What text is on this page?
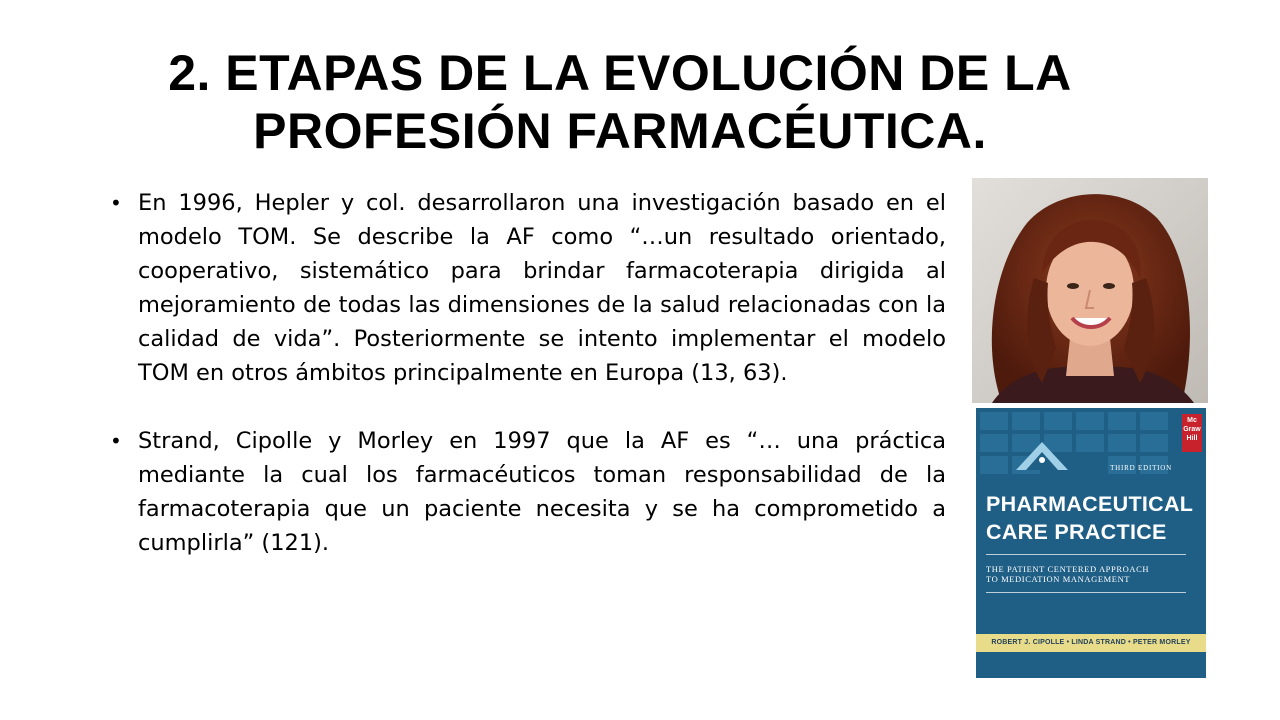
2. ETAPAS DE LA EVOLUCIÓN DE LA
PROFESIÓN FARMACÉUTICA.
• En 1996, Hepler y col. desarrollaron una investigación basado en el modelo TOM. Se describe la AF como “…un resultado orientado, cooperativo, sistemático para brindar farmacoterapia dirigida al mejoramiento de todas las dimensiones de la salud relacionadas con la calidad de vida”. Posteriormente se intento implementar el modelo TOM en otros ámbitos principalmente en Europa (13, 63).
• Strand, Cipolle y Morley en 1997 que la AF es “… una práctica mediante la cual los farmacéuticos toman responsabilidad de la farmacoterapia que un paciente necesita y se ha comprometido a cumplirla” (121).
Mc
Graw
Hill
THIRD EDITION
PHARMACEUTICAL
CARE PRACTICE
THE PATIENT CENTERED APPROACH
TO MEDICATION MANAGEMENT
ROBERT J. CIPOLLE • LINDA STRAND • PETER MORLEY
